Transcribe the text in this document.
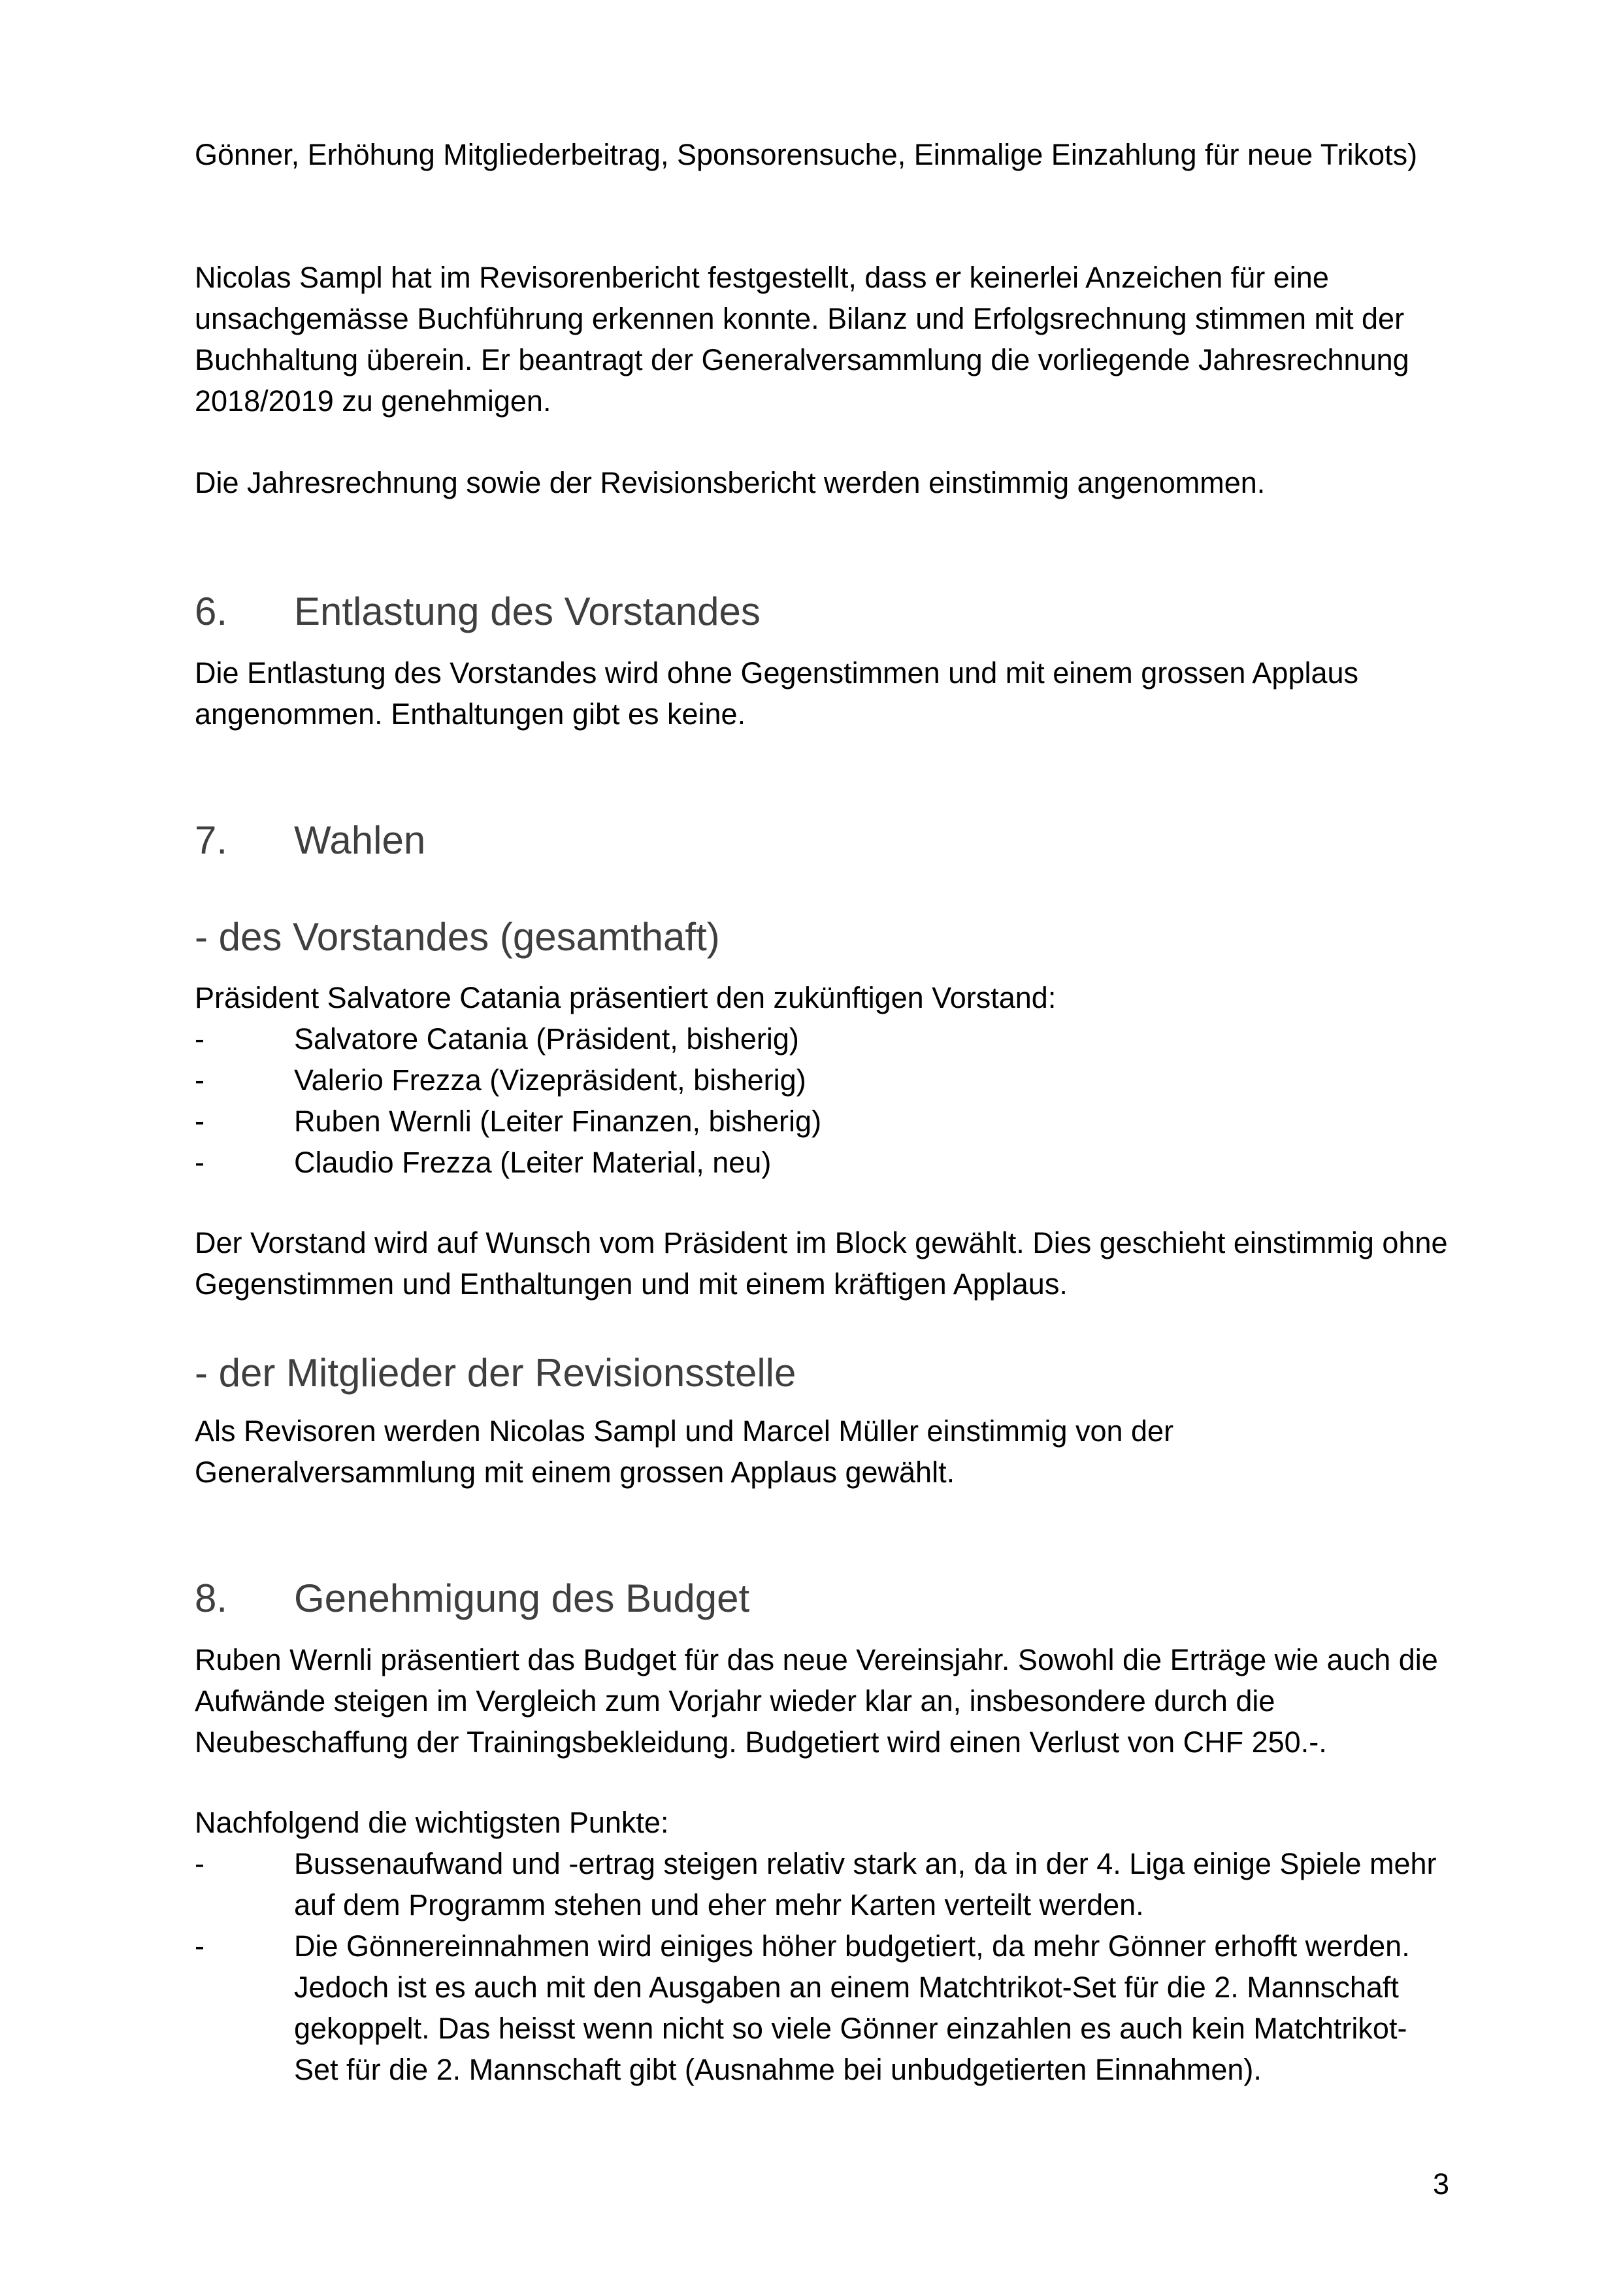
Gönner, Erhöhung Mitgliederbeitrag, Sponsorensuche, Einmalige Einzahlung für neue Trikots)

Nicolas Sampl hat im Revisorenbericht festgestellt, dass er keinerlei Anzeichen für eine unsachgemässe Buchführung erkennen konnte. Bilanz und Erfolgsrechnung stimmen mit der Buchhaltung überein. Er beantragt der Generalversammlung die vorliegende Jahresrechnung 2018/2019 zu genehmigen.

Die Jahresrechnung sowie der Revisionsbericht werden einstimmig angenommen.

6. Entlastung des Vorstandes

Die Entlastung des Vorstandes wird ohne Gegenstimmen und mit einem grossen Applaus angenommen. Enthaltungen gibt es keine.

7. Wahlen
- des Vorstandes (gesamthaft)

Präsident Salvatore Catania präsentiert den zukünftigen Vorstand:

-	Salvatore Catania (Präsident, bisherig)
-	Valerio Frezza (Vizepräsident, bisherig)
-	Ruben Wernli (Leiter Finanzen, bisherig)
-	Claudio Frezza (Leiter Material, neu)

Der Vorstand wird auf Wunsch vom Präsident im Block gewählt. Dies geschieht einstimmig ohne Gegenstimmen und Enthaltungen und mit einem kräftigen Applaus.

- der Mitglieder der Revisionsstelle

Als Revisoren werden Nicolas Sampl und Marcel Müller einstimmig von der Generalversammlung mit einem grossen Applaus gewählt.

8. Genehmigung des Budget

Ruben Wernli präsentiert das Budget für das neue Vereinsjahr. Sowohl die Erträge wie auch die Aufwände steigen im Vergleich zum Vorjahr wieder klar an, insbesondere durch die Neubeschaffung der Trainingsbekleidung. Budgetiert wird einen Verlust von CHF 250.-.

Nachfolgend die wichtigsten Punkte:

-	Bussenaufwand und -ertrag steigen relativ stark an, da in der 4. Liga einige Spiele mehr auf dem Programm stehen und eher mehr Karten verteilt werden.
-	Die Gönnereinnahmen wird einiges höher budgetiert, da mehr Gönner erhofft werden. Jedoch ist es auch mit den Ausgaben an einem Matchtrikot-Set für die 2. Mannschaft gekoppelt. Das heisst wenn nicht so viele Gönner einzahlen es auch kein Matchtrikot-Set für die 2. Mannschaft gibt (Ausnahme bei unbudgetierten Einnahmen).
3
